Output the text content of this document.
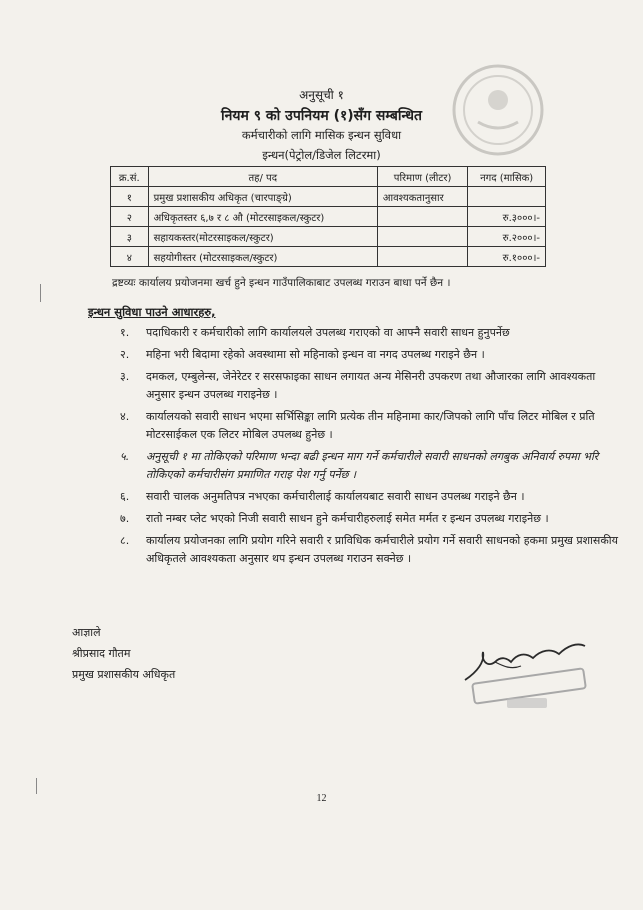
अनुसूची १
नियम ९ को उपनियम (१)सँग सम्बन्धित
कर्मचारीको लागि मासिक इन्धन सुविधा
इन्धन(पेट्रोल/डिजेल लिटरमा)
क्र.सं.	तह/ पद	परिमाण (लीटर)	नगद (मासिक)
१	प्रमुख प्रशासकीय अधिकृत (चारपाङ्ग्रे)	आवश्यकतानुसार	
२	अधिकृतस्तर ६,७ र ८ औ (मोटरसाइकल/स्कुटर)		रु.३०००।-
३	सहायकस्तर(मोटरसाइकल/स्कुटर)		रु.२०००।-
४	सहयोगीस्तर (मोटरसाइकल/स्कुटर)		रु.१०००।-
द्रष्टव्यः कार्यालय प्रयोजनमा खर्च हुने इन्धन गाउँपालिकाबाट उपलब्ध गराउन बाधा पर्ने छैन ।
इन्धन सुविधा पाउने आधारहरु,
१. पदाधिकारी र कर्मचारीको लागि कार्यालयले उपलब्ध गराएको वा आफ्नै सवारी साधन हुनुपर्नेछ
२. महिना भरी बिदामा रहेको अवस्थामा सो महिनाको इन्धन वा नगद उपलब्ध गराइने छैन ।
३. दमकल, एम्बुलेन्स, जेनेरेटर र सरसफाइका साधन लगायत अन्य मेसिनरी उपकरण तथा औजारका लागि आवश्यकता अनुसार इन्धन उपलब्ध गराइनेछ ।
४. कार्यालयको सवारी साधन भएमा सर्भिसिङ्का लागि प्रत्येक तीन महिनामा कार/जिपको लागि पाँच लिटर मोबिल र प्रति मोटरसाईकल एक लिटर मोबिल उपलब्ध हुनेछ ।
५. अनुसूची १ मा तोकिएको परिमाण भन्दा बढी इन्धन माग गर्ने कर्मचारीले सवारी साधनको लगबुक अनिवार्य रुपमा भरि तोकिएको कर्मचारीसंग प्रमाणित गराइ पेश गर्नु पर्नेछ ।
६. सवारी चालक अनुमतिपत्र नभएका कर्मचारीलाई कार्यालयबाट सवारी साधन उपलब्ध गराइने छैन ।
७. रातो नम्बर प्लेट भएको निजी सवारी साधन हुने कर्मचारीहरुलाई समेत मर्मत र इन्धन उपलब्ध गराइनेछ ।
८. कार्यालय प्रयोजनका लागि प्रयोग गरिने सवारी र प्राविधिक कर्मचारीले प्रयोग गर्ने सवारी साधनको हकमा प्रमुख प्रशासकीय अधिकृतले आवश्यकता अनुसार थप इन्धन उपलब्ध गराउन सक्नेछ ।
आज्ञाले
श्रीप्रसाद गौतम
प्रमुख प्रशासकीय अधिकृत
12
